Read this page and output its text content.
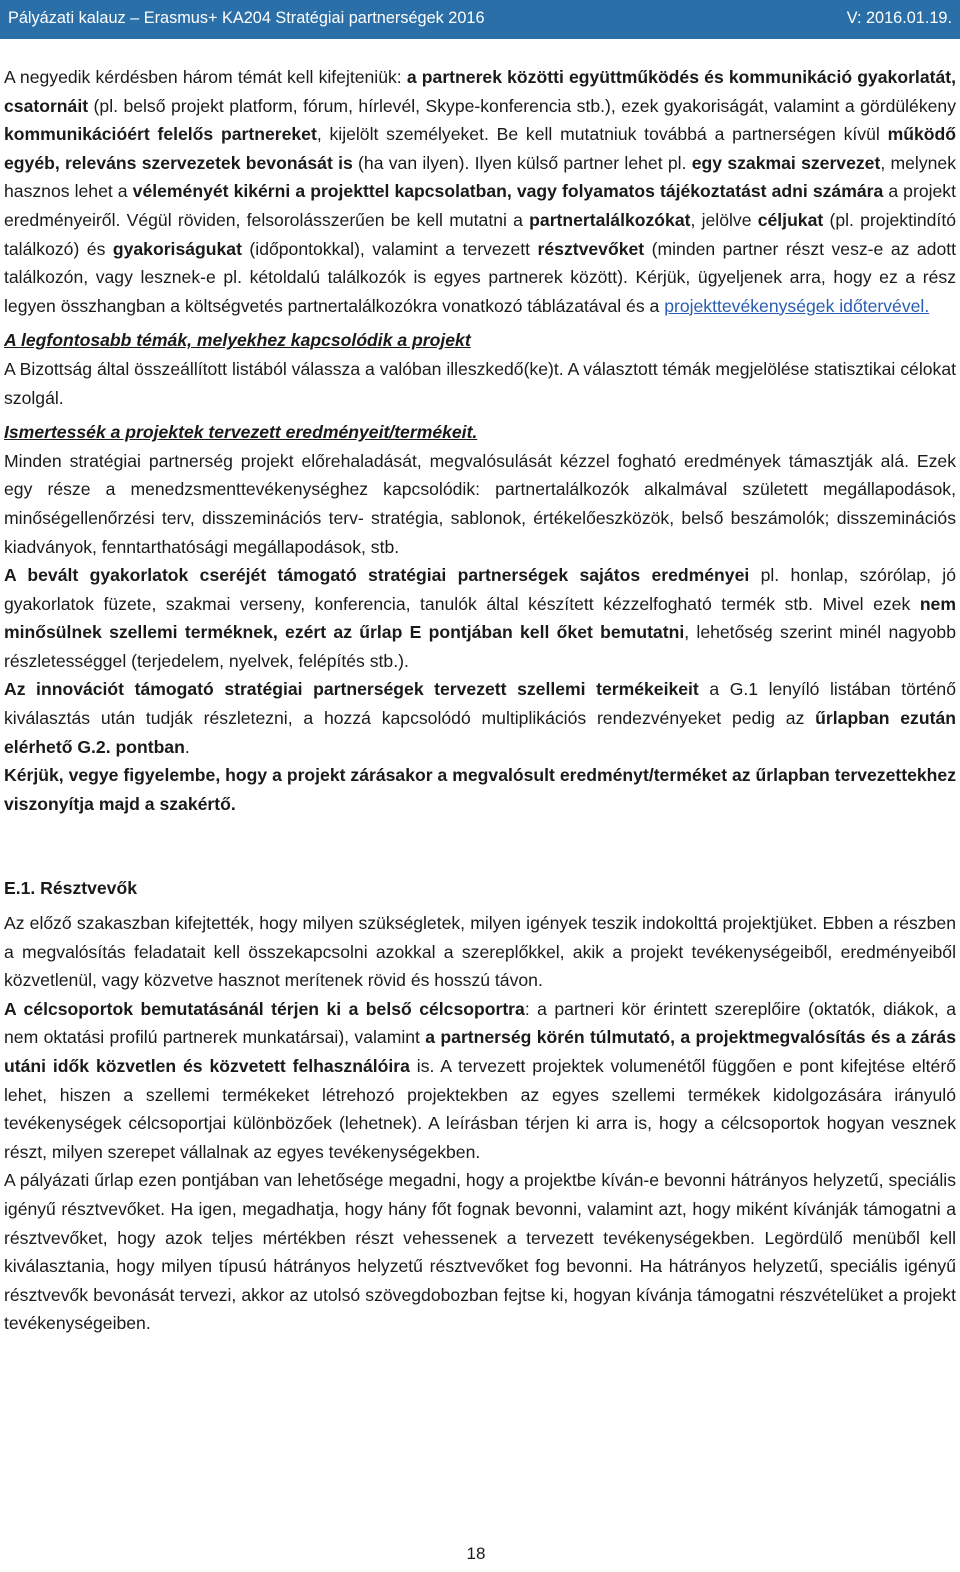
Pályázati kalauz – Erasmus+ KA204 Stratégiai partnerségek 2016	V: 2016.01.19.

A negyedik kérdésben három témát kell kifejteniük: a partnerek közötti együttműködés és kommunikáció gyakorlatát, csatornáit (pl. belső projekt platform, fórum, hírlevél, Skype-konferencia stb.), ezek gyakoriságát, valamint a gördülékeny kommunikációért felelős partnereket, kijelölt személyeket. Be kell mutatniuk továbbá a partnerségen kívül működő egyéb, releváns szervezetek bevonását is (ha van ilyen). Ilyen külső partner lehet pl. egy szakmai szervezet, melynek hasznos lehet a véleményét kikérni a projekttel kapcsolatban, vagy folyamatos tájékoztatást adni számára a projekt eredményeiről. Végül röviden, felsorolásszerűen be kell mutatni a partnertalálkozókat, jelölve céljukat (pl. projektindító találkozó) és gyakoriságukat (időpontokkal), valamint a tervezett résztvevőket (minden partner részt vesz-e az adott találkozón, vagy lesznek-e pl. kétoldalú találkozók is egyes partnerek között). Kérjük, ügyeljenek arra, hogy ez a rész legyen összhangban a költségvetés partnertalálkozókra vonatkozó táblázatával és a projekttevékenységek időtervével.

A legfontosabb témák, melyekhez kapcsolódik a projekt

A Bizottság által összeállított listából válassza a valóban illeszkedő(ke)t. A választott témák megjelölése statisztikai célokat szolgál.

Ismertessék a projektek tervezett eredményeit/termékeit.

Minden stratégiai partnerség projekt előrehaladását, megvalósulását kézzel fogható eredmények támasztják alá. Ezek egy része a menedzsmenttevékenységhez kapcsolódik: partnertalálkozók alkalmával született megállapodások, minőségellenőrzési terv, disszeminációs terv- stratégia, sablonok, értékelőeszközök, belső beszámolók; disszeminációs kiadványok, fenntarthatósági megállapodások, stb.

A bevált gyakorlatok cseréjét támogató stratégiai partnerségek sajátos eredményei pl. honlap, szórólap, jó gyakorlatok füzete, szakmai verseny, konferencia, tanulók által készített kézzelfogható termék stb. Mivel ezek nem minősülnek szellemi terméknek, ezért az űrlap E pontjában kell őket bemutatni, lehetőség szerint minél nagyobb részletességgel (terjedelem, nyelvek, felépítés stb.).

Az innovációt támogató stratégiai partnerségek tervezett szellemi termékeikeit a G.1 lenyíló listában történő kiválasztás után tudják részletezni, a hozzá kapcsolódó multiplikációs rendezvényeket pedig az űrlapban ezután elérhető G.2. pontban.

Kérjük, vegye figyelembe, hogy a projekt zárásakor a megvalósult eredményt/terméket az űrlapban tervezettekhez viszonyítja majd a szakértő.

E.1. Résztvevők

Az előző szakaszban kifejtették, hogy milyen szükségletek, milyen igények teszik indokolttá projektjüket. Ebben a részben a megvalósítás feladatait kell összekapcsolni azokkal a szereplőkkel, akik a projekt tevékenységeiből, eredményeiből közvetlenül, vagy közvetve hasznot merítenek rövid és hosszú távon.

A célcsoportok bemutatásánál térjen ki a belső célcsoportra: a partneri kör érintett szereplőire (oktatók, diákok, a nem oktatási profilú partnerek munkatársai), valamint a partnerség körén túlmutató, a projektmegvalósítás és a zárás utáni idők közvetlen és közvetett felhasználóira is. A tervezett projektek volumenétől függően e pont kifejtése eltérő lehet, hiszen a szellemi termékeket létrehozó projektekben az egyes szellemi termékek kidolgozására irányuló tevékenységek célcsoportjai különbözőek (lehetnek). A leírásban térjen ki arra is, hogy a célcsoportok hogyan vesznek részt, milyen szerepet vállalnak az egyes tevékenységekben.

A pályázati űrlap ezen pontjában van lehetősége megadni, hogy a projektbe kíván-e bevonni hátrányos helyzetű, speciális igényű résztvevőket. Ha igen, megadhatja, hogy hány főt fognak bevonni, valamint azt, hogy miként kívánják támogatni a résztvevőket, hogy azok teljes mértékben részt vehessenek a tervezett tevékenységekben. Legördülő menüből kell kiválasztania, hogy milyen típusú hátrányos helyzetű résztvevőket fog bevonni. Ha hátrányos helyzetű, speciális igényű résztvevők bevonását tervezi, akkor az utolsó szövegdobozban fejtse ki, hogyan kívánja támogatni részvételüket a projekt tevékenységeiben.

18
